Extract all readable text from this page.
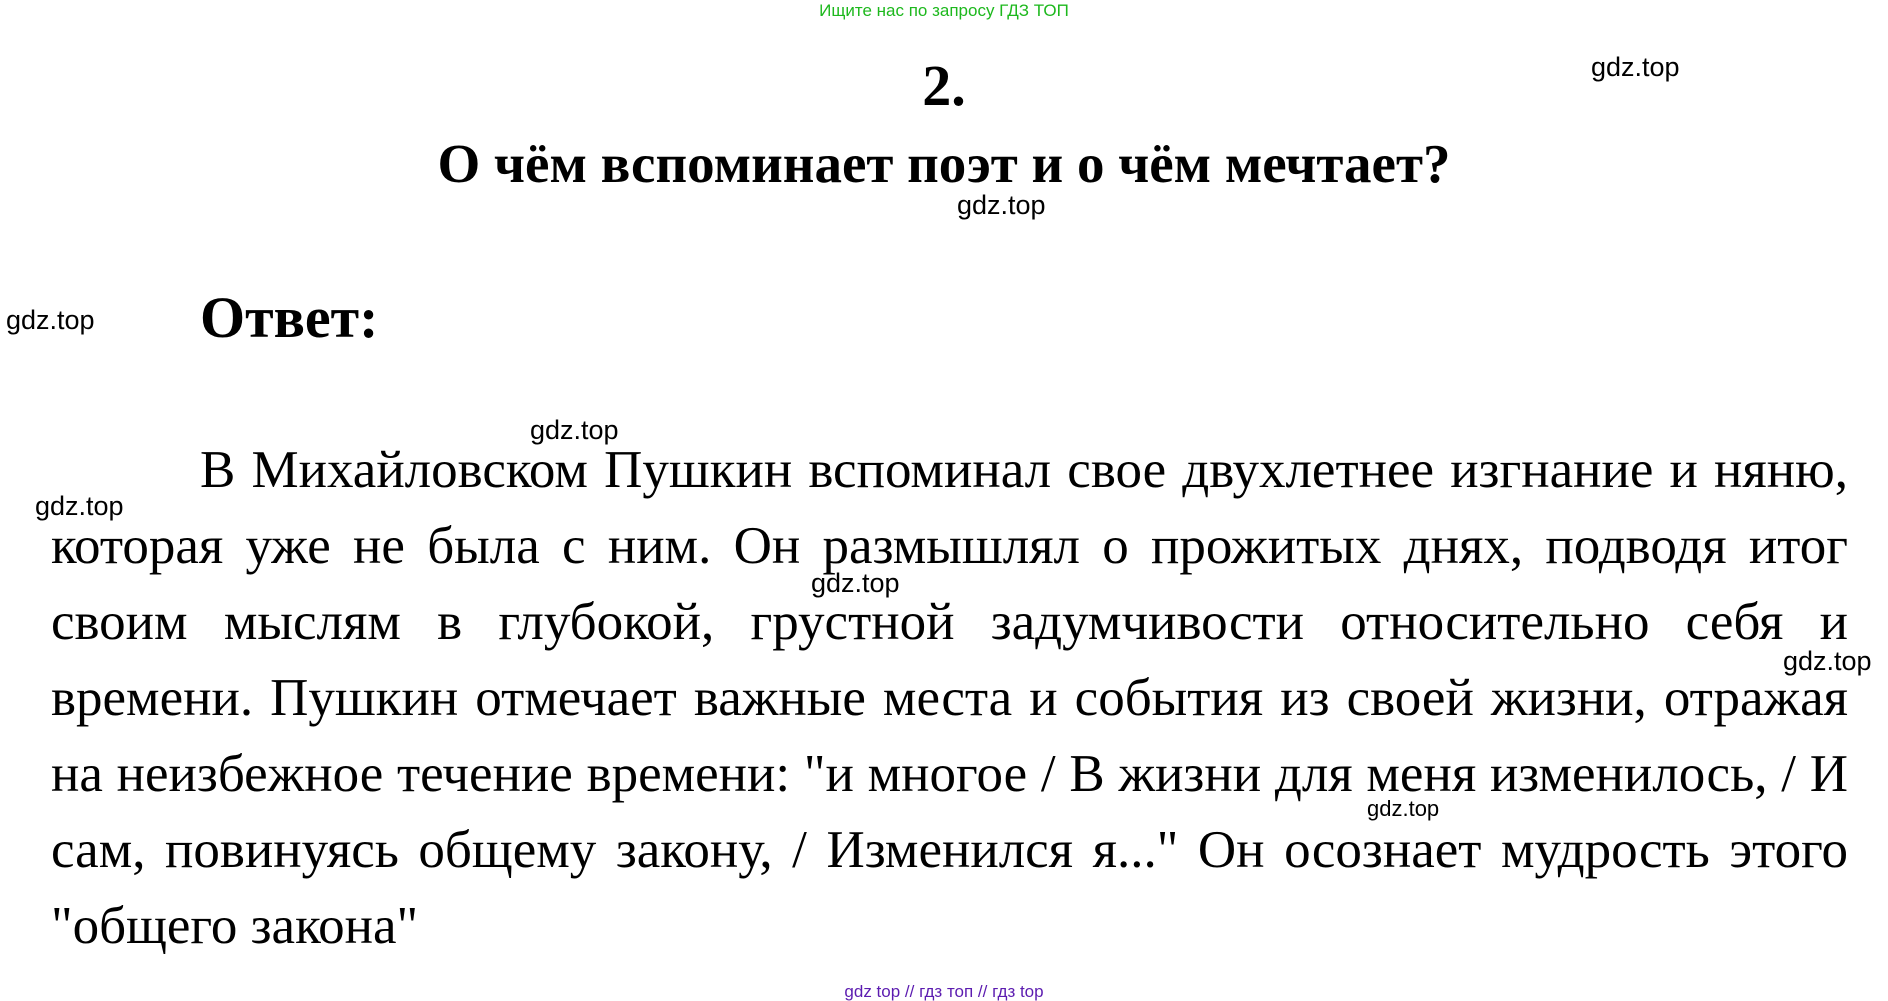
Ищите нас по запросу ГДЗ ТОП
2.
О чём вспоминает поэт и о чём мечтает?
Ответ:

В Михайловском Пушкин вспоминал свое двухлетнее изгнание и няню, которая уже не была с ним. Он размышлял о прожитых днях, подводя итог своим мыслям в глубокой, грустной задумчивости относительно себя и времени. Пушкин отмечает важные места и события из своей жизни, отражая на неизбежное течение времени: "и многое / В жизни для меня изменилось, / И сам, повинуясь общему закону, / Изменился я..." Он осознает мудрость этого "общего закона"

gdz.top
gdz.top
gdz.top
gdz.top
gdz.top
gdz.top
gdz.top
gdz.top
gdz top // гдз топ // гдз top
